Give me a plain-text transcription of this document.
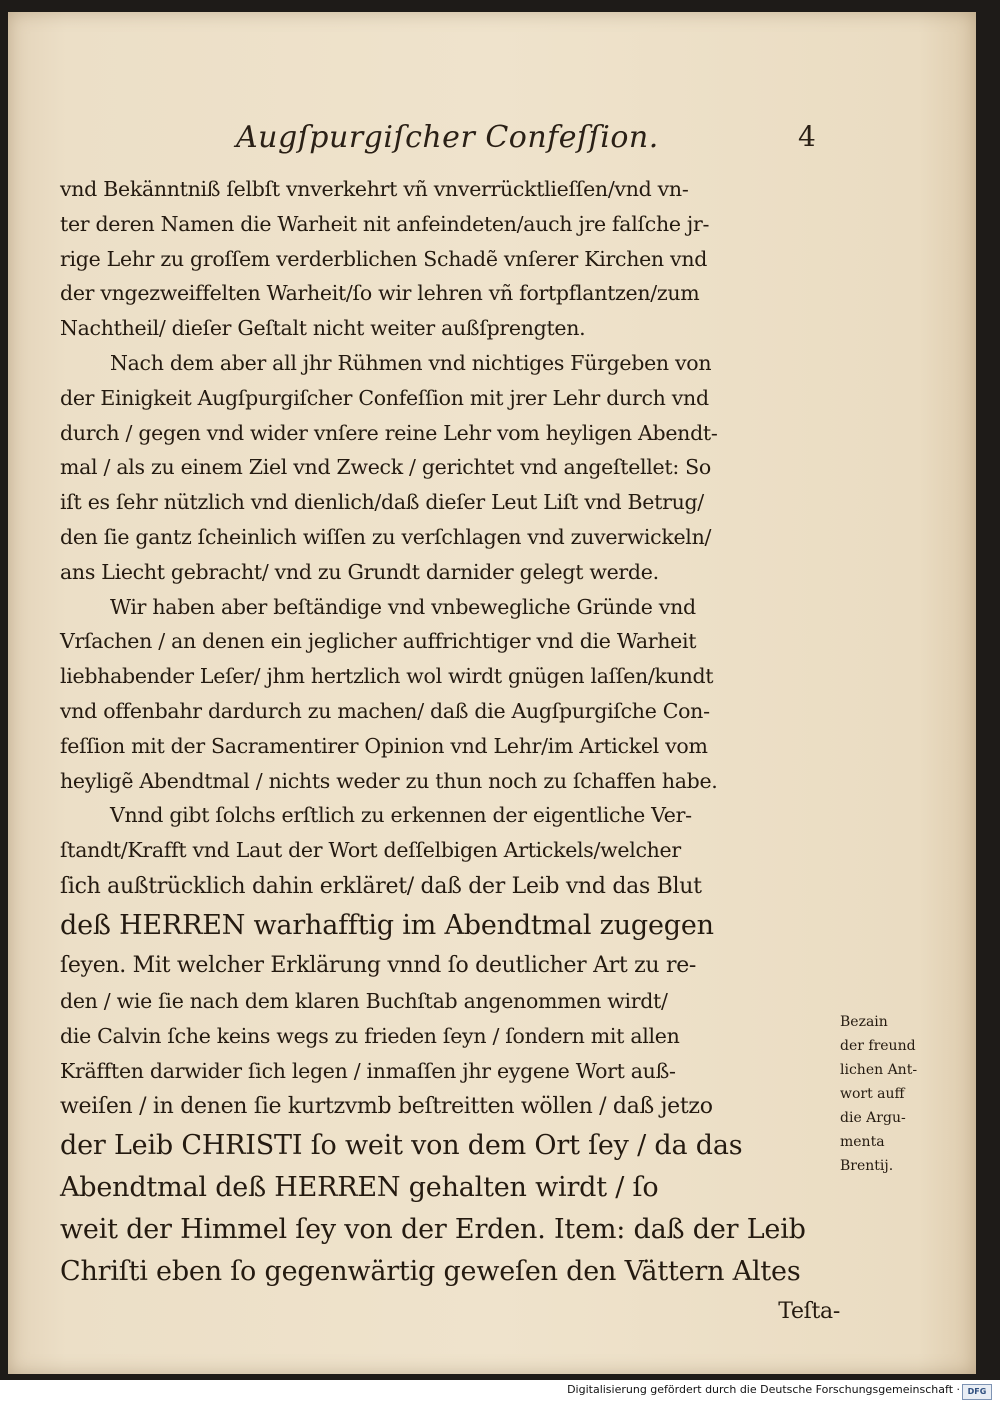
Augſpurgiſcher Confeſſion.	4
vnd Bekänntniß ſelbſt vnverkehrt vñ vnverrücktlieſſen/vnd vn-
ter deren Namen die Warheit nit anfeindeten/auch jre falſche jr-
rige Lehr zu groſſem verderblichen Schadẽ vnſerer Kirchen vnd
der vngezweiffelten Warheit/ſo wir lehren vñ fortpflantzen/zum
Nachtheil/ dieſer Geſtalt nicht weiter außſprengten.
Nach dem aber all jhr Rühmen vnd nichtiges Fürgeben von
der Einigkeit Augſpurgiſcher Confeſſion mit jrer Lehr durch vnd
durch / gegen vnd wider vnſere reine Lehr vom heyligen Abendt-
mal / als zu einem Ziel vnd Zweck / gerichtet vnd angeſtellet: So
iſt es ſehr nützlich vnd dienlich/daß dieſer Leut Liſt vnd Betrug/
den ſie gantz ſcheinlich wiſſen zu verſchlagen vnd zuverwickeln/
ans Liecht gebracht/ vnd zu Grundt darnider gelegt werde.
Wir haben aber beſtändige vnd vnbewegliche Gründe vnd
Vrſachen / an denen ein jeglicher auffrichtiger vnd die Warheit
liebhabender Leſer/ jhm hertzlich wol wirdt gnügen laſſen/kundt
vnd offenbahr dardurch zu machen/ daß die Augſpurgiſche Con-
feſſion mit der Sacramentirer Opinion vnd Lehr/im Artickel vom
heyligẽ Abendtmal / nichts weder zu thun noch zu ſchaffen habe.
Vnnd gibt ſolchs erſtlich zu erkennen der eigentliche Ver-
ſtandt/Krafft vnd Laut der Wort deſſelbigen Artickels/welcher
ſich außtrücklich dahin erkläret/ daß der Leib vnd das Blut
deß HERREN warhafftig im Abendtmal zugegen
ſeyen. Mit welcher Erklärung vnnd ſo deutlicher Art zu re-
den / wie ſie nach dem klaren Buchſtab angenommen wirdt/
die Calvin ſche keins wegs zu frieden ſeyn / ſondern mit allen
Kräfften darwider ſich legen / inmaſſen jhr eygene Wort auß-
weiſen / in denen ſie kurtzvmb beſtreitten wöllen / daß jetzo
der Leib CHRISTI ſo weit von dem Ort ſey / da das
Abendtmal deß HERREN gehalten wirdt / ſo
weit der Himmel ſey von der Erden. Item: daß der Leib
Chriſti eben ſo gegenwärtig geweſen den Vättern Altes
Teſta-
Bezain
der freund
lichen Ant-
wort auff
die Argu-
menta
Brentij.
Digitalisierung gefördert durch die Deutsche Forschungsgemeinschaft · DFG
